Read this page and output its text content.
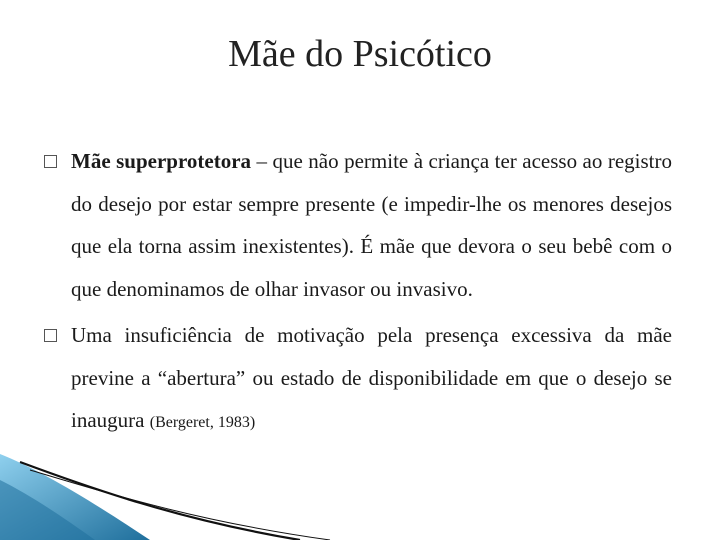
Mãe do Psicótico
Mãe superprotetora – que não permite à criança ter acesso ao registro do desejo por estar sempre presente (e impedir-lhe os menores desejos que ela torna assim inexistentes). É mãe que devora o seu bebê com o que denominamos de olhar invasor ou invasivo.
Uma insuficiência de motivação pela presença excessiva da mãe previne a “abertura” ou estado de disponibilidade em que o desejo se inaugura (Bergeret, 1983)
